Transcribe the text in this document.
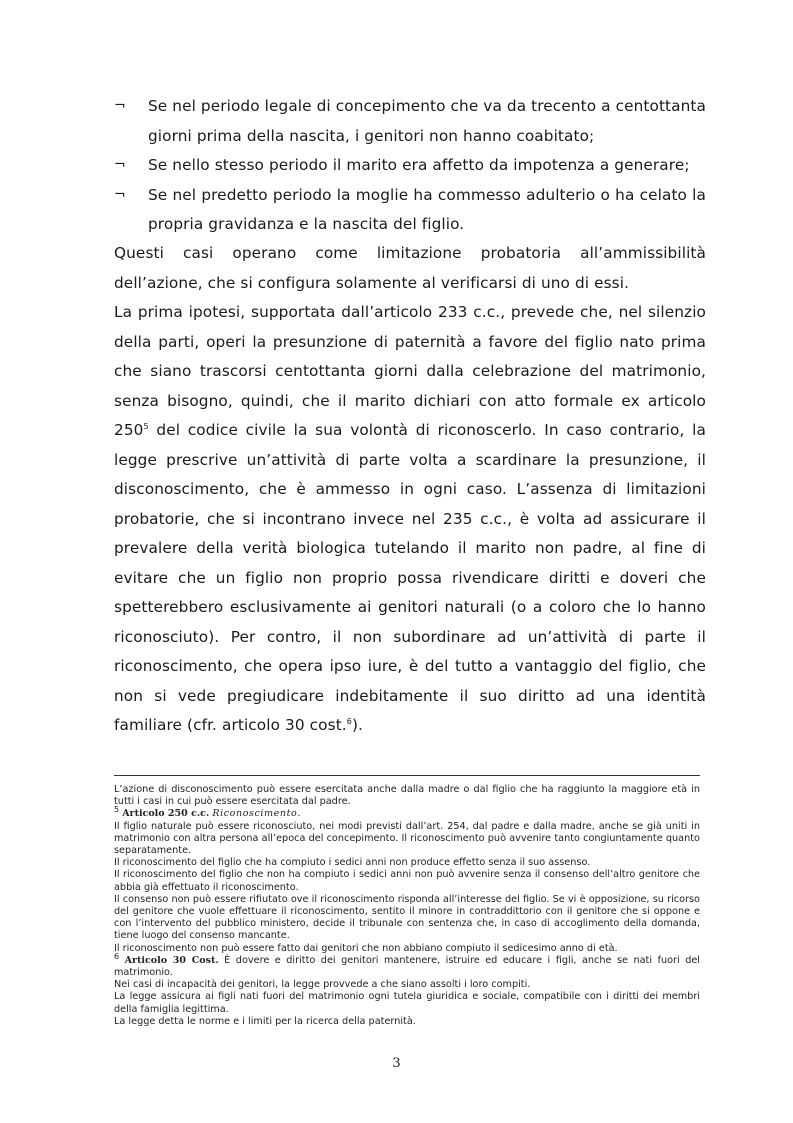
¬	Se nel periodo legale di concepimento che va da trecento a centottanta giorni prima della nascita, i genitori non hanno coabitato;
¬	Se nello stesso periodo il marito era affetto da impotenza a generare;
¬	Se nel predetto periodo la moglie ha commesso adulterio o ha celato la propria gravidanza e la nascita del figlio.

Questi casi operano come limitazione probatoria all’ammissibilità dell’azione, che si configura solamente al verificarsi di uno di essi.

La prima ipotesi, supportata dall’articolo 233 c.c., prevede che, nel silenzio della parti, operi la presunzione di paternità a favore del figlio nato prima che siano trascorsi centottanta giorni dalla celebrazione del matrimonio, senza bisogno, quindi, che il marito dichiari con atto formale ex articolo $250^5$ del codice civile la sua volontà di riconoscerlo. In caso contrario, la legge prescrive un’attività di parte volta a scardinare la presunzione, il disconoscimento, che è ammesso in ogni caso. L’assenza di limitazioni probatorie, che si incontrano invece nel 235 c.c., è volta ad assicurare il prevalere della verità biologica tutelando il marito non padre, al fine di evitare che un figlio non proprio possa rivendicare diritti e doveri che spetterebbero esclusivamente ai genitori naturali (o a coloro che lo hanno riconosciuto). Per contro, il non subordinare ad un’attività di parte il riconoscimento, che opera ipso iure, è del tutto a vantaggio del figlio, che non si vede pregiudicare indebitamente il suo diritto ad una identità familiare (cfr. articolo 30 cost.$^6$).

L’azione di disconoscimento può essere esercitata anche dalla madre o dal figlio che ha raggiunto la maggiore età in tutti i casi in cui può essere esercitata dal padre.

$^5$ Articolo 250 c.c. Riconoscimento.

Il figlio naturale può essere riconosciuto, nei modi previsti dall’art. 254, dal padre e dalla madre, anche se già uniti in matrimonio con altra persona all’epoca del concepimento. Il riconoscimento può avvenire tanto congiuntamente quanto separatamente.

Il riconoscimento del figlio che ha compiuto i sedici anni non produce effetto senza il suo assenso.

Il riconoscimento del figlio che non ha compiuto i sedici anni non può avvenire senza il consenso dell’altro genitore che abbia già effettuato il riconoscimento.

Il consenso non può essere rifiutato ove il riconoscimento risponda all’interesse del figlio. Se vi è opposizione, su ricorso del genitore che vuole effettuare il riconoscimento, sentito il minore in contraddittorio con il genitore che si oppone e con l’intervento del pubblico ministero, decide il tribunale con sentenza che, in caso di accoglimento della domanda, tiene luogo del consenso mancante.

Il riconoscimento non può essere fatto dai genitori che non abbiano compiuto il sedicesimo anno di età.

$^6$ Articolo 30 Cost. È dovere e diritto dei genitori mantenere, istruire ed educare i figli, anche se nati fuori del matrimonio.

Nei casi di incapacità dei genitori, la legge provvede a che siano assolti i loro compiti.

La legge assicura ai figli nati fuori del matrimonio ogni tutela giuridica e sociale, compatibile con i diritti dei membri della famiglia legittima.

La legge detta le norme e i limiti per la ricerca della paternità.

3
